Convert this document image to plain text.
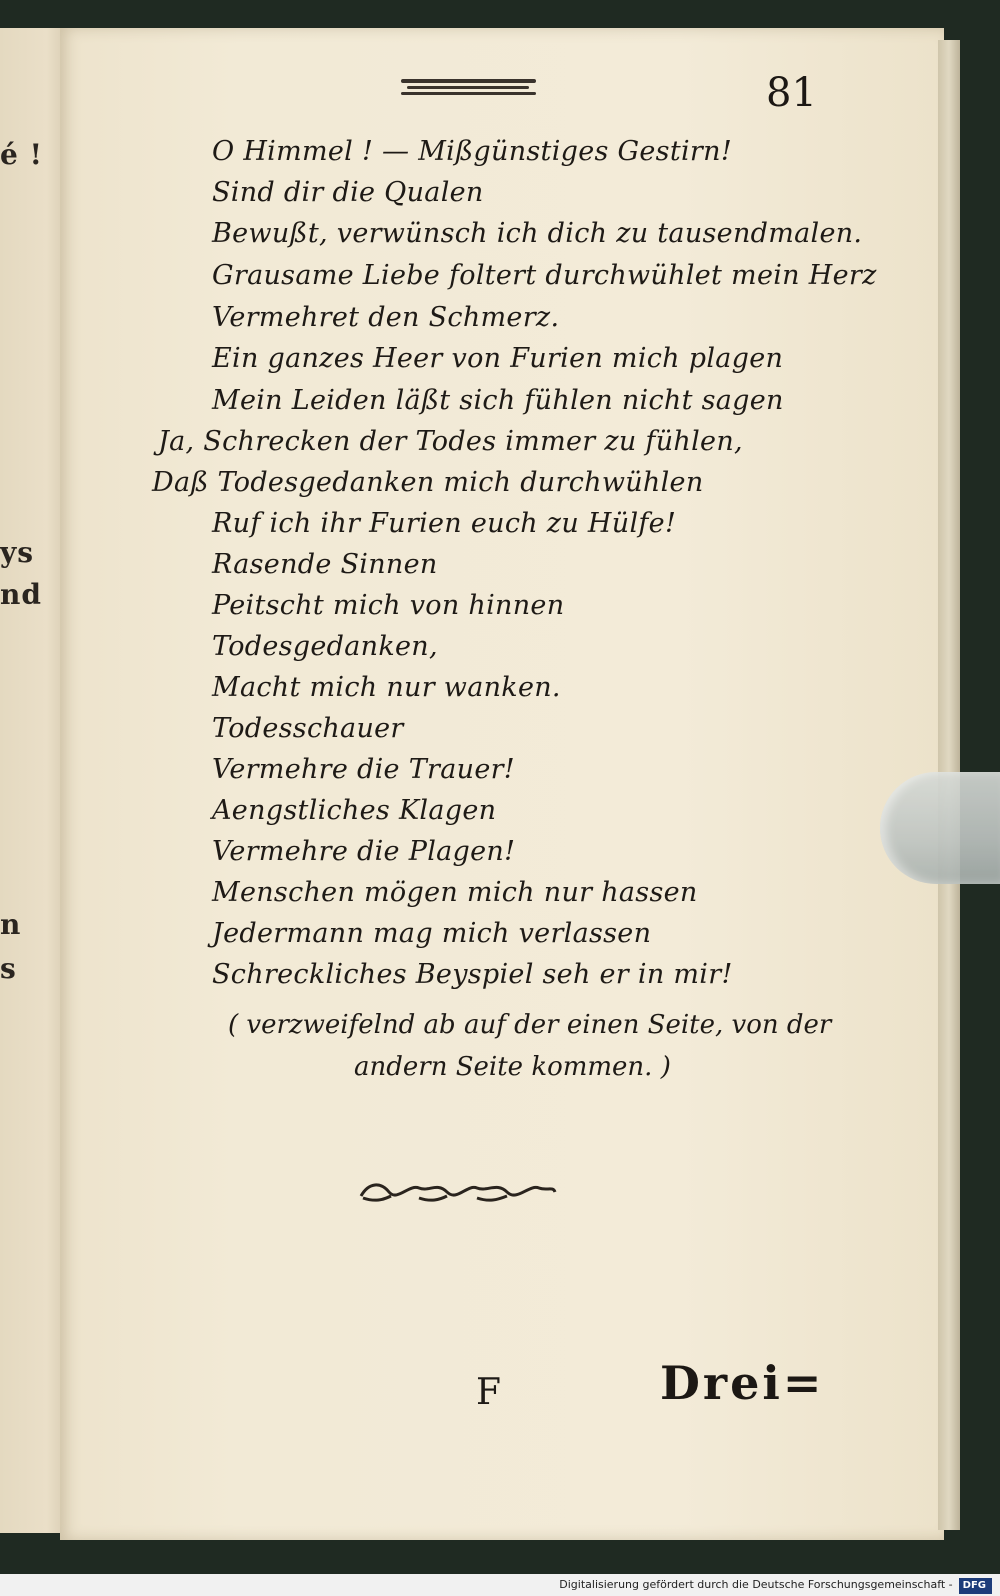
é !
ys
nd
n
s
81
O Himmel ! — Mißgünstiges Gestirn!
Sind dir die Qualen
Bewußt, verwünsch ich dich zu tausendmalen.
Grausame Liebe foltert durchwühlet mein Herz
Vermehret den Schmerz.
Ein ganzes Heer von Furien mich plagen
Mein Leiden läßt sich fühlen nicht sagen
Ja, Schrecken der Todes immer zu fühlen,
Daß Todesgedanken mich durchwühlen
Ruf ich ihr Furien euch zu Hülfe!
Rasende Sinnen
Peitscht mich von hinnen
Todesgedanken,
Macht mich nur wanken.
Todesschauer
Vermehre die Trauer!
Aengstliches Klagen
Vermehre die Plagen!
Menschen mögen mich nur hassen
Jedermann mag mich verlassen
Schreckliches Beyspiel seh er in mir!
( verzweifelnd ab auf der einen Seite, von der
andern Seite kommen. )
F	Drei=
Digitalisierung gefördert durch die Deutsche Forschungsgemeinschaft - DFG
